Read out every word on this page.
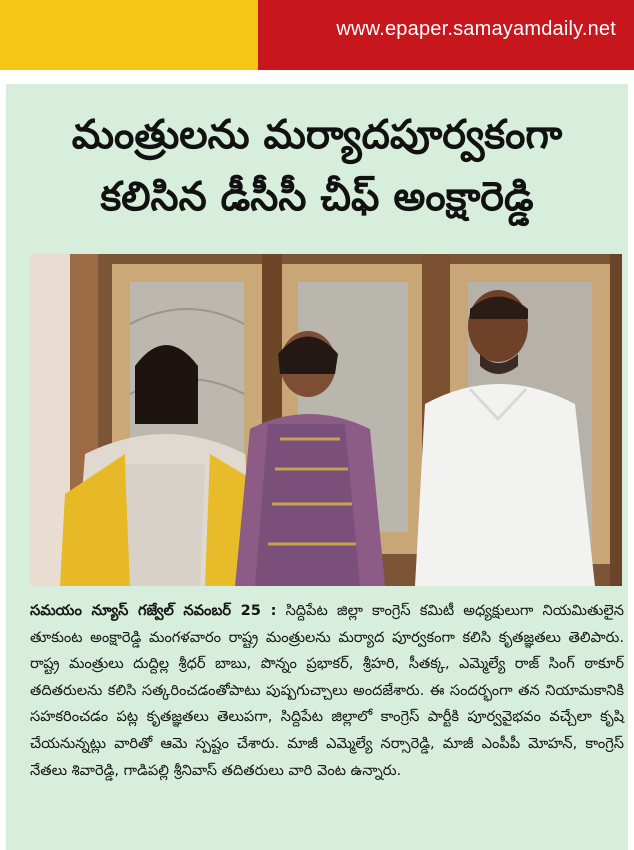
www.epaper.samayamdaily.net
మంత్రులను మర్యాదపూర్వకంగా
కలిసిన డీసీసీ చీఫ్ అంక్షారెడ్డి
సమయం న్యూస్ గజ్వేల్ నవంబర్ 25 : సిద్దిపేట జిల్లా కాంగ్రెస్ కమిటీ అధ్యక్షులుగా నియమితులైన తూకుంట అంక్షారెడ్డి మంగళవారం రాష్ట్ర మంత్రులను మర్యాద పూర్వకంగా కలిసి కృతజ్ఞతలు తెలిపారు. రాష్ట్ర మంత్రులు దుద్దిల్ల శ్రీధర్ బాబు, పొన్నం ప్రభాకర్, శ్రీహరి, సీతక్క, ఎమ్మెల్యే రాజ్ సింగ్ ఠాకూర్ తదితరులను కలిసి సత్కరించడంతోపాటు పుష్పగుచ్చాలు అందజేశారు. ఈ సందర్భంగా తన నియామకానికి సహకరించడం పట్ల కృతజ్ఞతలు తెలుపగా, సిద్దిపేట జిల్లాలో కాంగ్రెస్ పార్టీకి పూర్వవైభవం వచ్చేలా కృషి చేయనున్నట్లు వారితో ఆమె స్పష్టం చేశారు. మాజీ ఎమ్మెల్యే నర్సారెడ్డి, మాజీ ఎంపీపీ మోహన్, కాంగ్రెస్ నేతలు శివారెడ్డి, గాడిపల్లి శ్రీనివాస్ తదితరులు వారి వెంట ఉన్నారు.
